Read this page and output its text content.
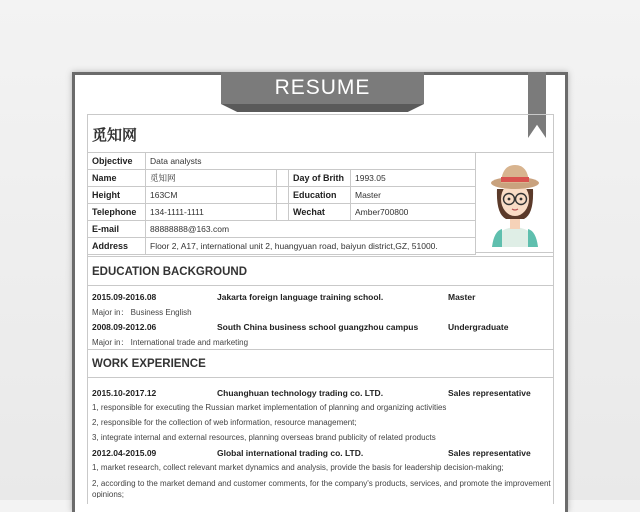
RESUME
觅知网
Objective	Data analysts			
Name	觅知网		Day of Brith	1993.05
Height	163CM		Education	Master
Telephone	134-1111-1111		Wechat	Amber700800
E-mail	88888888@163.com			
Address	Floor 2, A17, international unit 2, huangyuan road, baiyun district,GZ, 51000.			
EDUCATION BACKGROUND
2015.09-2016.08	Jakarta foreign language training school.	Master
Major in： Business English
2008.09-2012.06	South China business school guangzhou campus	Undergraduate
Major in： International trade and marketing
WORK EXPERIENCE
2015.10-2017.12	Chuanghuan technology trading co. LTD.	Sales representative
1, responsible for executing the Russian market implementation of planning and organizing activities
2, responsible for the collection of web information, resource management;
3, integrate internal and external resources, planning overseas brand publicity of related products
2012.04-2015.09	Global international trading co. LTD.	Sales representative
1, market research, collect relevant market dynamics and analysis, provide the basis for leadership decision-making;
2, according to the market demand and customer comments, for the company's products, services, and promote the improvement opinions;
